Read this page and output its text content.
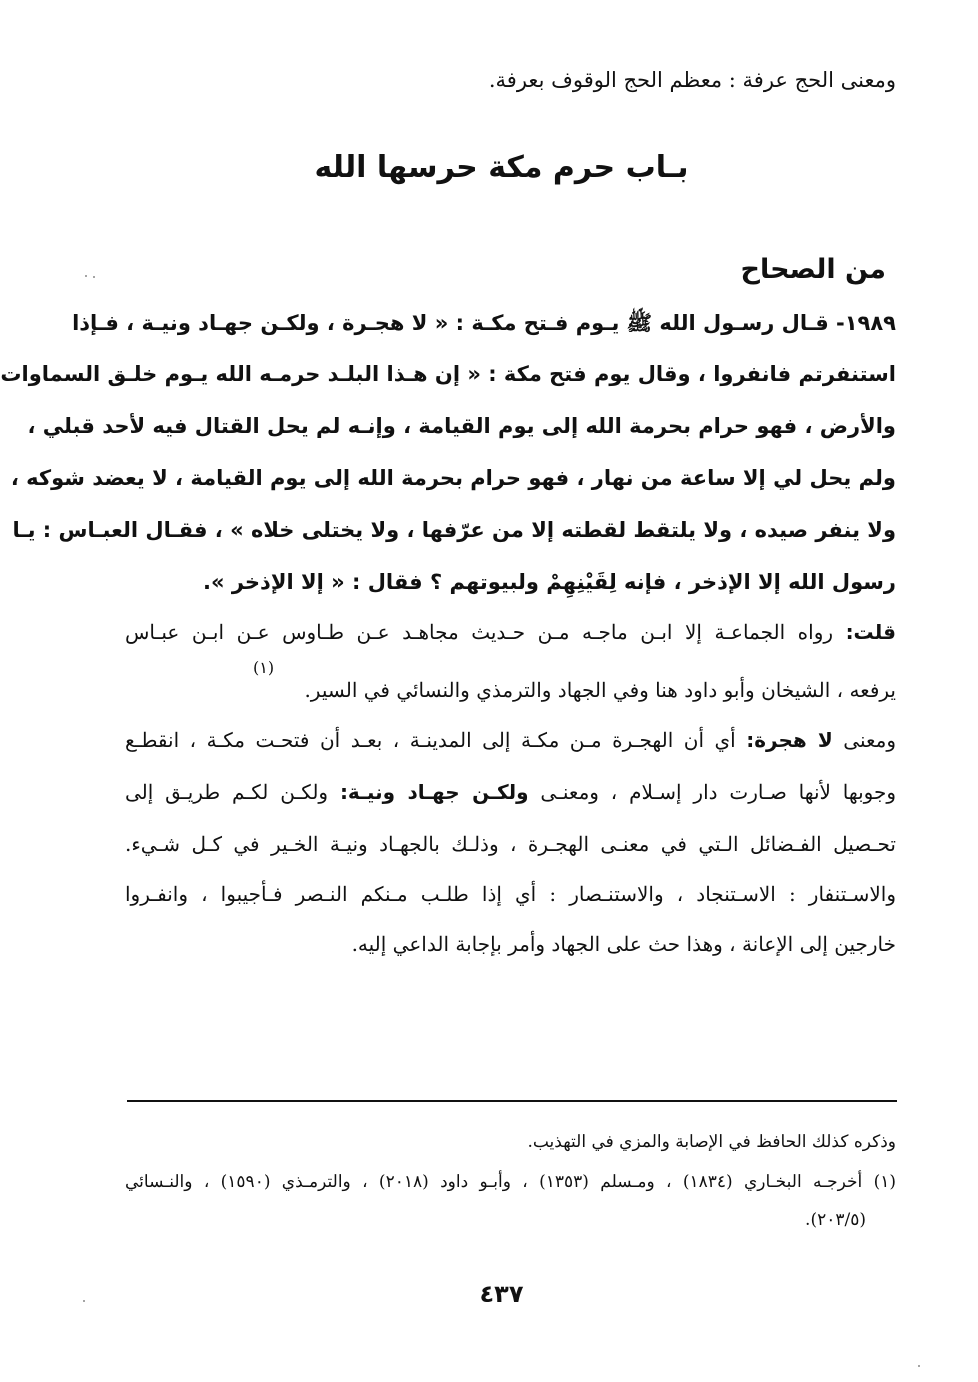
ومعنى الحج عرفة : معظم الحج الوقوف بعرفة.
بـاب حرم مكة حرسها الله
من الصحاح
١٩٨٩- قـال رسـول الله ﷺ يـوم فـتح مكـة : « لا هجـرة ، ولكـن جهـاد ونيـة ، فـإذا
استنفرتم فانفروا ، وقال يوم فتح مكة : « إن هـذا البلـد حرمـه الله يـوم خلـق السماوات
والأرض ، فهو حرام بحرمة الله إلى يوم القيامة ، وإنـه لم يحل القتال فيه لأحد قبلي ،
ولم يحل لي إلا ساعة من نهار ، فهو حرام بحرمة الله إلى يوم القيامة ، لا يعضد شوكه ،
ولا ينفر صيده ، ولا يلتقط لقطته إلا من عرّفها ، ولا يختلى خلاه » ، فقـال العبـاس : يـا
رسول الله إلا الإذخر ، فإنه لِقَيْنِهِمْ ولبيوتهم ؟ فقال : « إلا الإذخر ».
قلت: رواه الجماعـة إلا ابـن ماجـه مـن حـديث مجاهـد عـن طـاوس عـن ابـن عبـاس
يرفعه ، الشيخان وأبو داود هنا وفي الجهاد والترمذي والنسائي في السير.
(١)
ومعنى لا هجرة: أي أن الهجـرة مـن مكـة إلى المدينـة ، بعـد أن فتحـت مكـة ، انقطـع
وجوبها لأنها صـارت دار إسـلام ، ومعنـى ولكـن جهـاد ونيـة: ولكـن لكـم طريـق إلى
تحـصيل الفـضائل الـتي في معنـى الهجـرة ، وذلـك بالجهـاد ونيـة الخـير في كـل شـيء.
والاسـتنفار : الاسـتنجاد ، والاستنـصار : أي إذا طلـب مـنكم النـصر فـأجيبوا ، وانفـروا
خارجين إلى الإعانة ، وهذا حث على الجهاد وأمر بإجابة الداعي إليه.
وذكره كذلك الحافظ في الإصابة والمزي في التهذيب.
(١) أخرجـه البخـاري (١٨٣٤) ، ومـسلم (١٣٥٣) ، وأبـو داود (٢٠١٨) ، والترمـذي (١٥٩٠) ، والنـسائي
(٢٠٣/٥).
٤٣٧
